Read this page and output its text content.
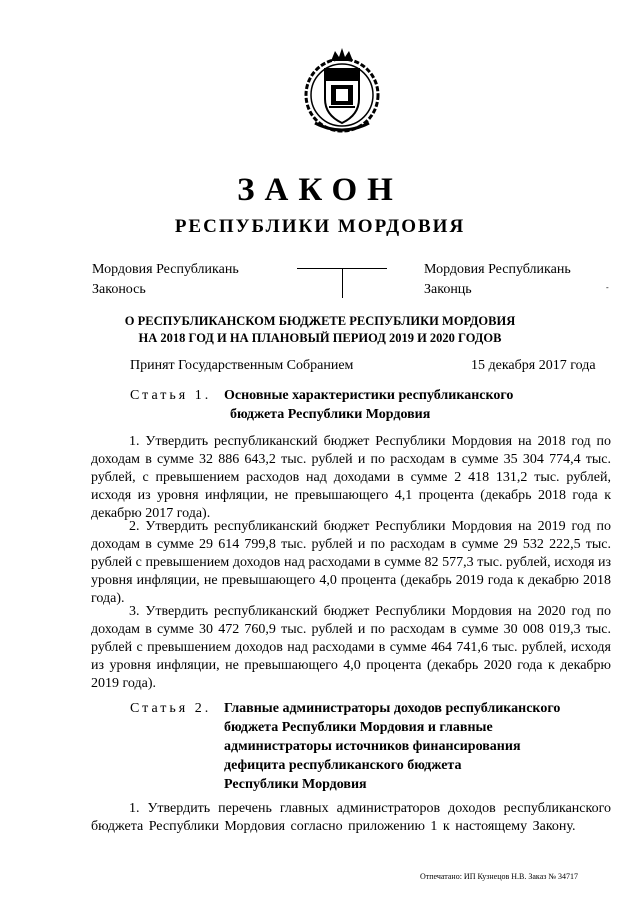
ЗАКОН
РЕСПУБЛИКИ МОРДОВИЯ
Мордовия Республикань
Законось
Мордовия Республикань
Законць	-
О РЕСПУБЛИКАНСКОМ БЮДЖЕТЕ РЕСПУБЛИКИ МОРДОВИЯ
НА 2018 ГОД И НА ПЛАНОВЫЙ ПЕРИОД 2019 И 2020 ГОДОВ
Принят Государственным Собранием	15 декабря 2017 года
Статья 1. Основные характеристики республиканского
бюджета Республики Мордовия
1. Утвердить республиканский бюджет Республики Мордовия на 2018 год по доходам в сумме 32 886 643,2 тыс. рублей и по расходам в сумме 35 304 774,4 тыс. рублей, с превышением расходов над доходами в сумме 2 418 131,2 тыс. рублей, исходя из уровня инфляции, не превышающего 4,1 процента (декабрь 2018 года к декабрю 2017 года).
2. Утвердить республиканский бюджет Республики Мордовия на 2019 год по доходам в сумме 29 614 799,8 тыс. рублей и по расходам в сумме 29 532 222,5 тыс. рублей с превышением доходов над расходами в сумме 82 577,3 тыс. рублей, исходя из уровня инфляции, не превышающего 4,0 процента (декабрь 2019 года к декабрю 2018 года).
3. Утвердить республиканский бюджет Республики Мордовия на 2020 год по доходам в сумме 30 472 760,9 тыс. рублей и по расходам в сумме 30 008 019,3 тыс. рублей с превышением доходов над расходами в сумме 464 741,6 тыс. рублей, исходя из уровня инфляции, не превышающего 4,0 процента (декабрь 2020 года к декабрю 2019 года).
Статья 2. Главные администраторы доходов республиканского
бюджета Республики Мордовия и главные
администраторы источников финансирования
дефицита республиканского бюджета
Республики Мордовия
1. Утвердить перечень главных администраторов доходов республиканского бюджета Республики Мордовия согласно приложению 1 к настоящему Закону.
Отпечатано: ИП Кузнецов Н.В. Заказ № 34717
